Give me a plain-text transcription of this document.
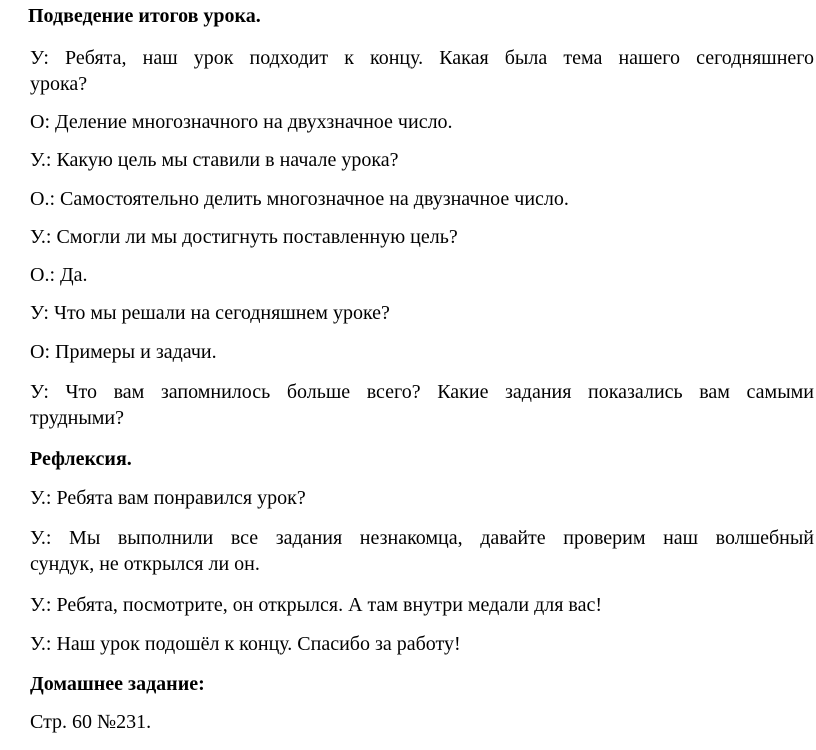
Подведение итогов урока.
У: Ребята, наш урок подходит к концу. Какая была тема нашего сегодняшнего
урока?
О: Деление многозначного на двухзначное число.
У.: Какую цель мы ставили в начале урока?
О.: Самостоятельно делить многозначное на двузначное число.
У.: Смогли ли мы достигнуть поставленную цель?
О.: Да.
У: Что мы решали на сегодняшнем уроке?
О: Примеры и задачи.
У: Что вам запомнилось больше всего? Какие задания показались вам самыми
трудными?
Рефлексия.
У.: Ребята вам понравился урок?
У.: Мы выполнили все задания незнакомца, давайте проверим наш волшебный
сундук, не открылся ли он.
У.: Ребята, посмотрите, он открылся. А там внутри медали для вас!
У.: Наш урок подошёл к концу. Спасибо за работу!
Домашнее задание:
Стр. 60 №231.
